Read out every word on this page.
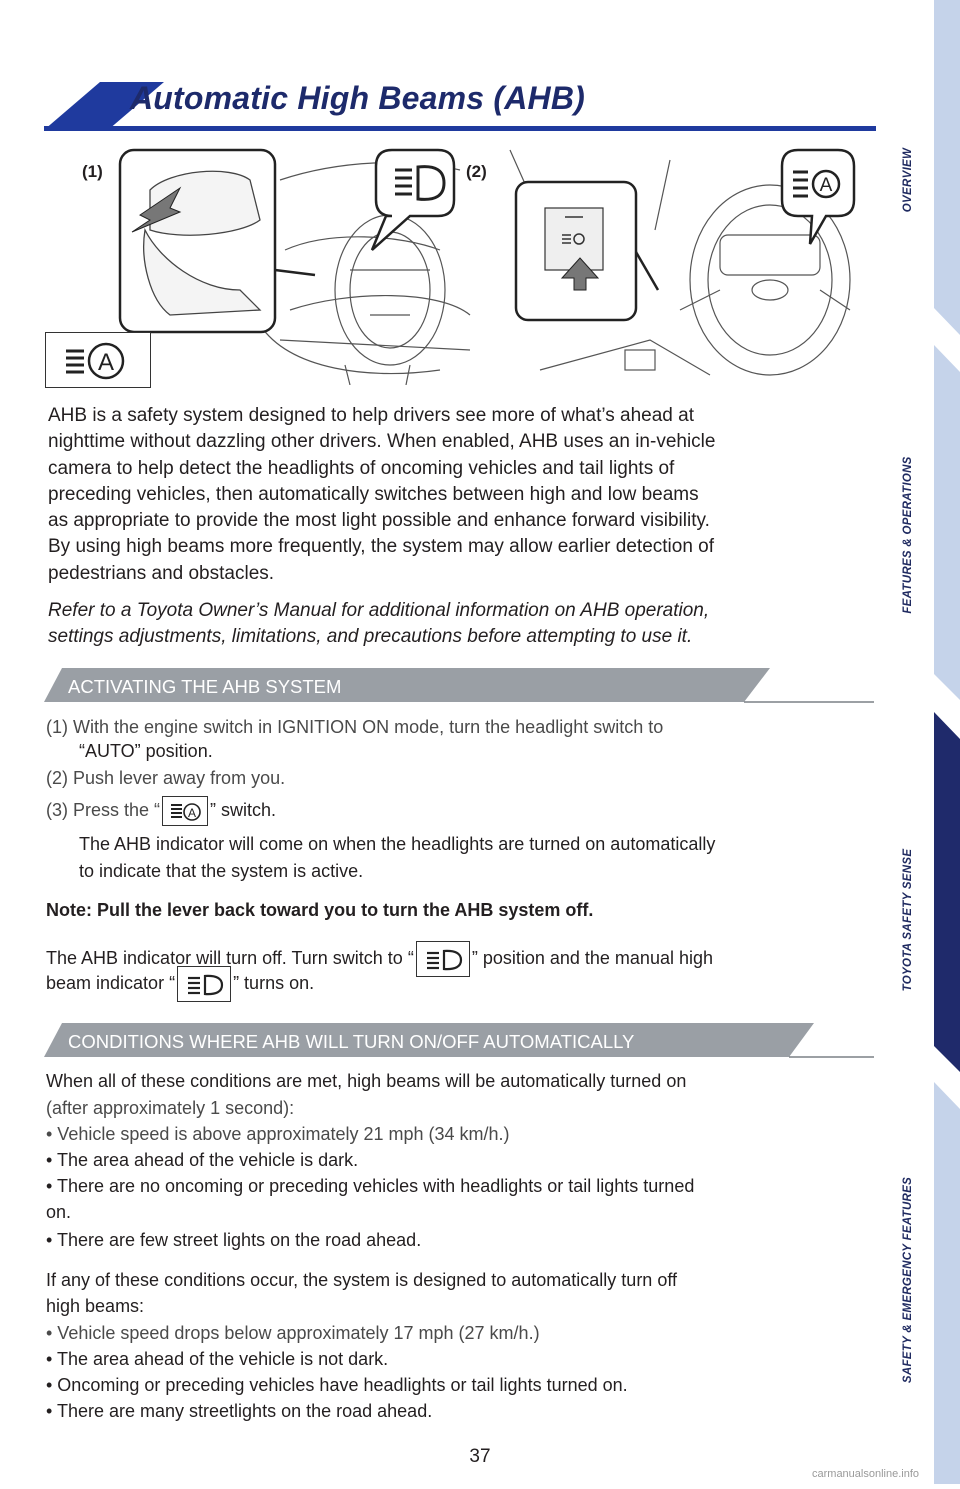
OVERVIEW
FEATURES & OPERATIONS
TOYOTA SAFETY SENSE
SAFETY & EMERGENCY FEATURES
Automatic High Beams (AHB)
(1)	(2)
A
A
AHB is a safety system designed to help drivers see more of what’s ahead at
nighttime without dazzling other drivers. When enabled, AHB uses an in-vehicle
camera to help detect the headlights of oncoming vehicles and tail lights of
preceding vehicles, then automatically switches between high and low beams
as appropriate to provide the most light possible and enhance forward visibility.
By using high beams more frequently, the system may allow earlier detection of
pedestrians and obstacles.
Refer to a Toyota Owner’s Manual for additional information on AHB operation,
settings adjustments, limitations, and precautions before attempting to use it.
ACTIVATING THE AHB SYSTEM
(1) With the engine switch in IGNITION ON mode, turn the headlight switch to
“AUTO” position.
(2) Push lever away from you.
(3) Press the “ A ” switch.
The AHB indicator will come on when the headlights are turned on automatically
to indicate that the system is active.
Note: Pull the lever back toward you to turn the AHB system off.
The AHB indicator will turn off. Turn switch to “	” position and the manual high
beam indicator “	” turns on.
CONDITIONS WHERE AHB WILL TURN ON/OFF AUTOMATICALLY
When all of these conditions are met, high beams will be automatically turned on
(after approximately 1 second):
• Vehicle speed is above approximately 21 mph (34 km/h.)
• The area ahead of the vehicle is dark.
• There are no oncoming or preceding vehicles with headlights or tail lights turned
on.
• There are few street lights on the road ahead.
If any of these conditions occur, the system is designed to automatically turn off
high beams:
• Vehicle speed drops below approximately 17 mph (27 km/h.)
• The area ahead of the vehicle is not dark.
• Oncoming or preceding vehicles have headlights or tail lights turned on.
• There are many streetlights on the road ahead.
37
carmanualsonline.info
